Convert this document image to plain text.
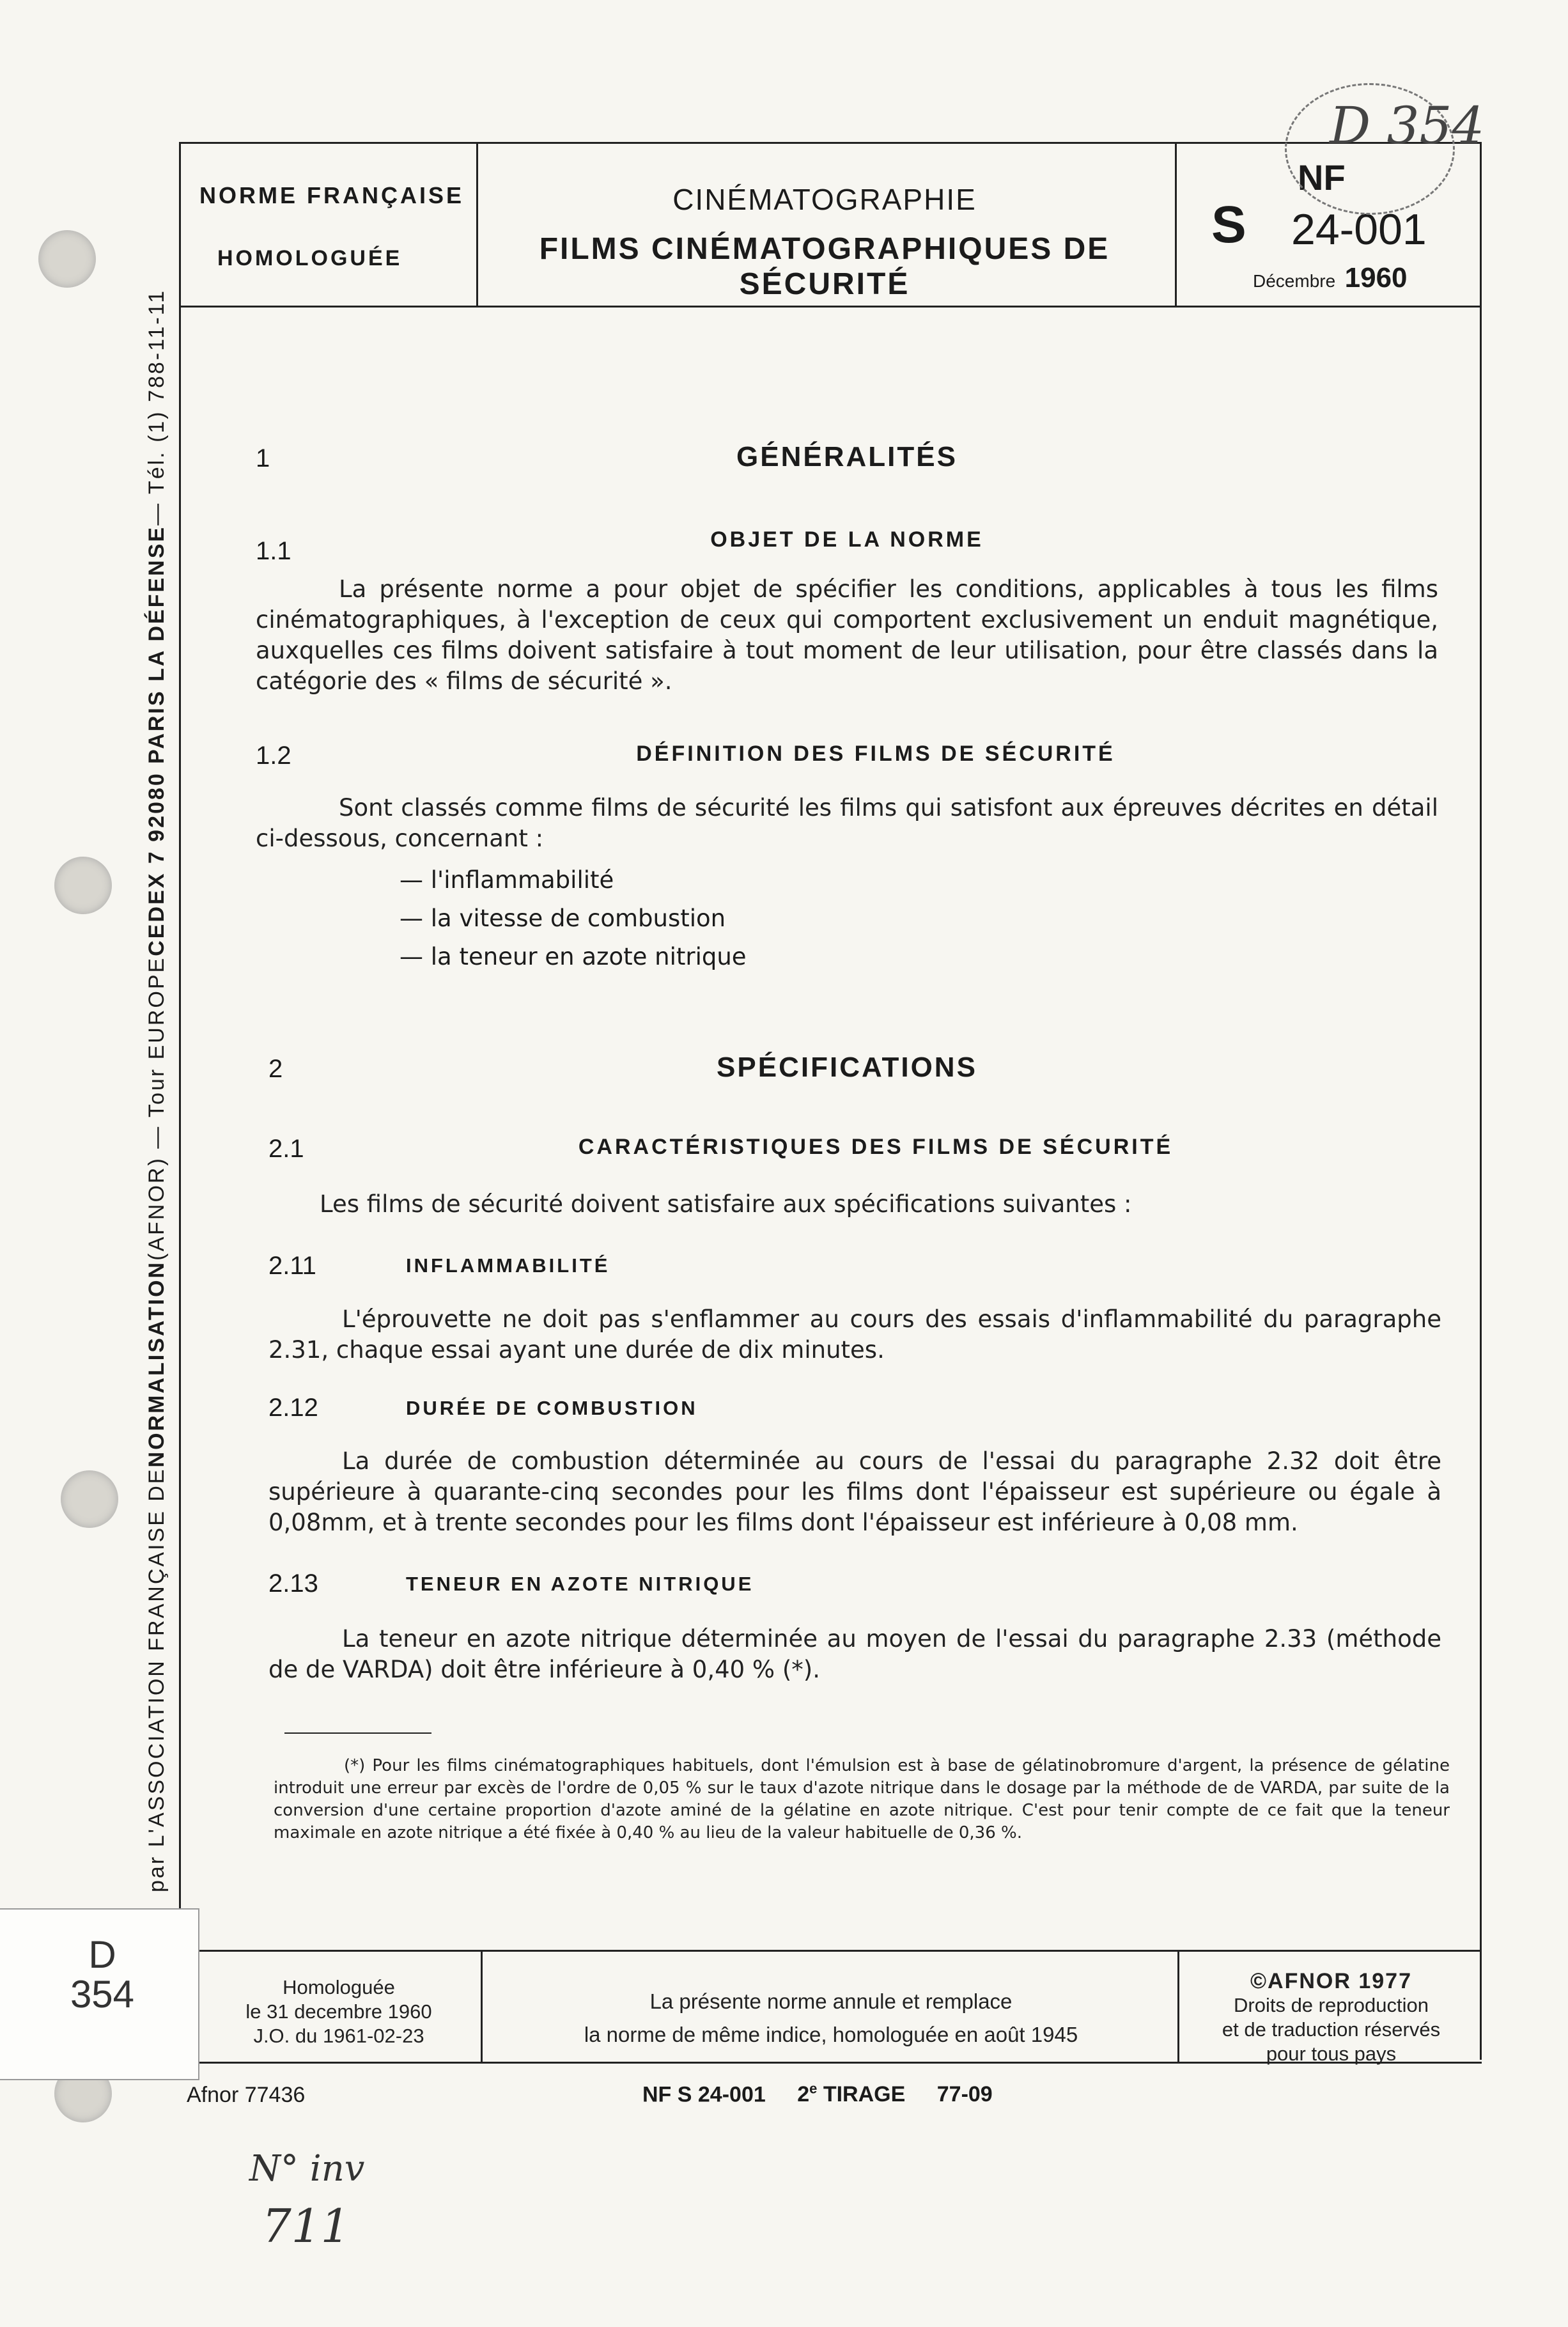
par L'ASSOCIATION FRANÇAISE DE
NORMALISATION
(AFNOR) — Tour EUROPE
CEDEX 7 92080 PARIS LA DÉFENSE
— Tél. (1) 788-11-11
NORME FRANÇAISE
HOMOLOGUÉE
CINÉMATOGRAPHIE
FILMS CINÉMATOGRAPHIQUES DE SÉCURITÉ
NF
S 24-001
Décembre 1960
D 354
1	GÉNÉRALITÉS
1.1	OBJET DE LA NORME
La présente norme a pour objet de spécifier les conditions, applicables à tous les films cinématographiques, à l'exception de ceux qui comportent exclusivement un enduit magnétique, auxquelles ces films doivent satisfaire à tout moment de leur utilisation, pour être classés dans la catégorie des « films de sécurité ».
1.2	DÉFINITION DES FILMS DE SÉCURITÉ
Sont classés comme films de sécurité les films qui satisfont aux épreuves décrites en détail ci-dessous, concernant :
— l'inflammabilité
— la vitesse de combustion
— la teneur en azote nitrique
2	SPÉCIFICATIONS
2.1	CARACTÉRISTIQUES DES FILMS DE SÉCURITÉ
Les films de sécurité doivent satisfaire aux spécifications suivantes :
2.11	INFLAMMABILITÉ
L'éprouvette ne doit pas s'enflammer au cours des essais d'inflammabilité du paragraphe 2.31, chaque essai ayant une durée de dix minutes.
2.12	DURÉE DE COMBUSTION
La durée de combustion déterminée au cours de l'essai du paragraphe 2.32 doit être supérieure à quarante-cinq secondes pour les films dont l'épaisseur est supérieure ou égale à 0,08mm, et à trente secondes pour les films dont l'épaisseur est inférieure à 0,08 mm.
2.13	TENEUR EN AZOTE NITRIQUE
La teneur en azote nitrique déterminée au moyen de l'essai du paragraphe 2.33 (méthode de de VARDA) doit être inférieure à 0,40 % (*).
(*) Pour les films cinématographiques habituels, dont l'émulsion est à base de gélatinobromure d'argent, la présence de gélatine introduit une erreur par excès de l'ordre de 0,05 % sur le taux d'azote nitrique dans le dosage par la méthode de de VARDA, par suite de la conversion d'une certaine proportion d'azote aminé de la gélatine en azote nitrique. C'est pour tenir compte de ce fait que la teneur maximale en azote nitrique a été fixée à 0,40 % au lieu de la valeur habituelle de 0,36 %.
Homologuée
le 31 decembre 1960
J.O. du 1961-02-23
La présente norme annule et remplace
la norme de même indice, homologuée en août 1945
©AFNOR 1977
Droits de reproduction
et de traduction réservés
pour tous pays
D 354
Afnor 77436	NF S 24-001 2e TIRAGE 77-09
N° inv
711
